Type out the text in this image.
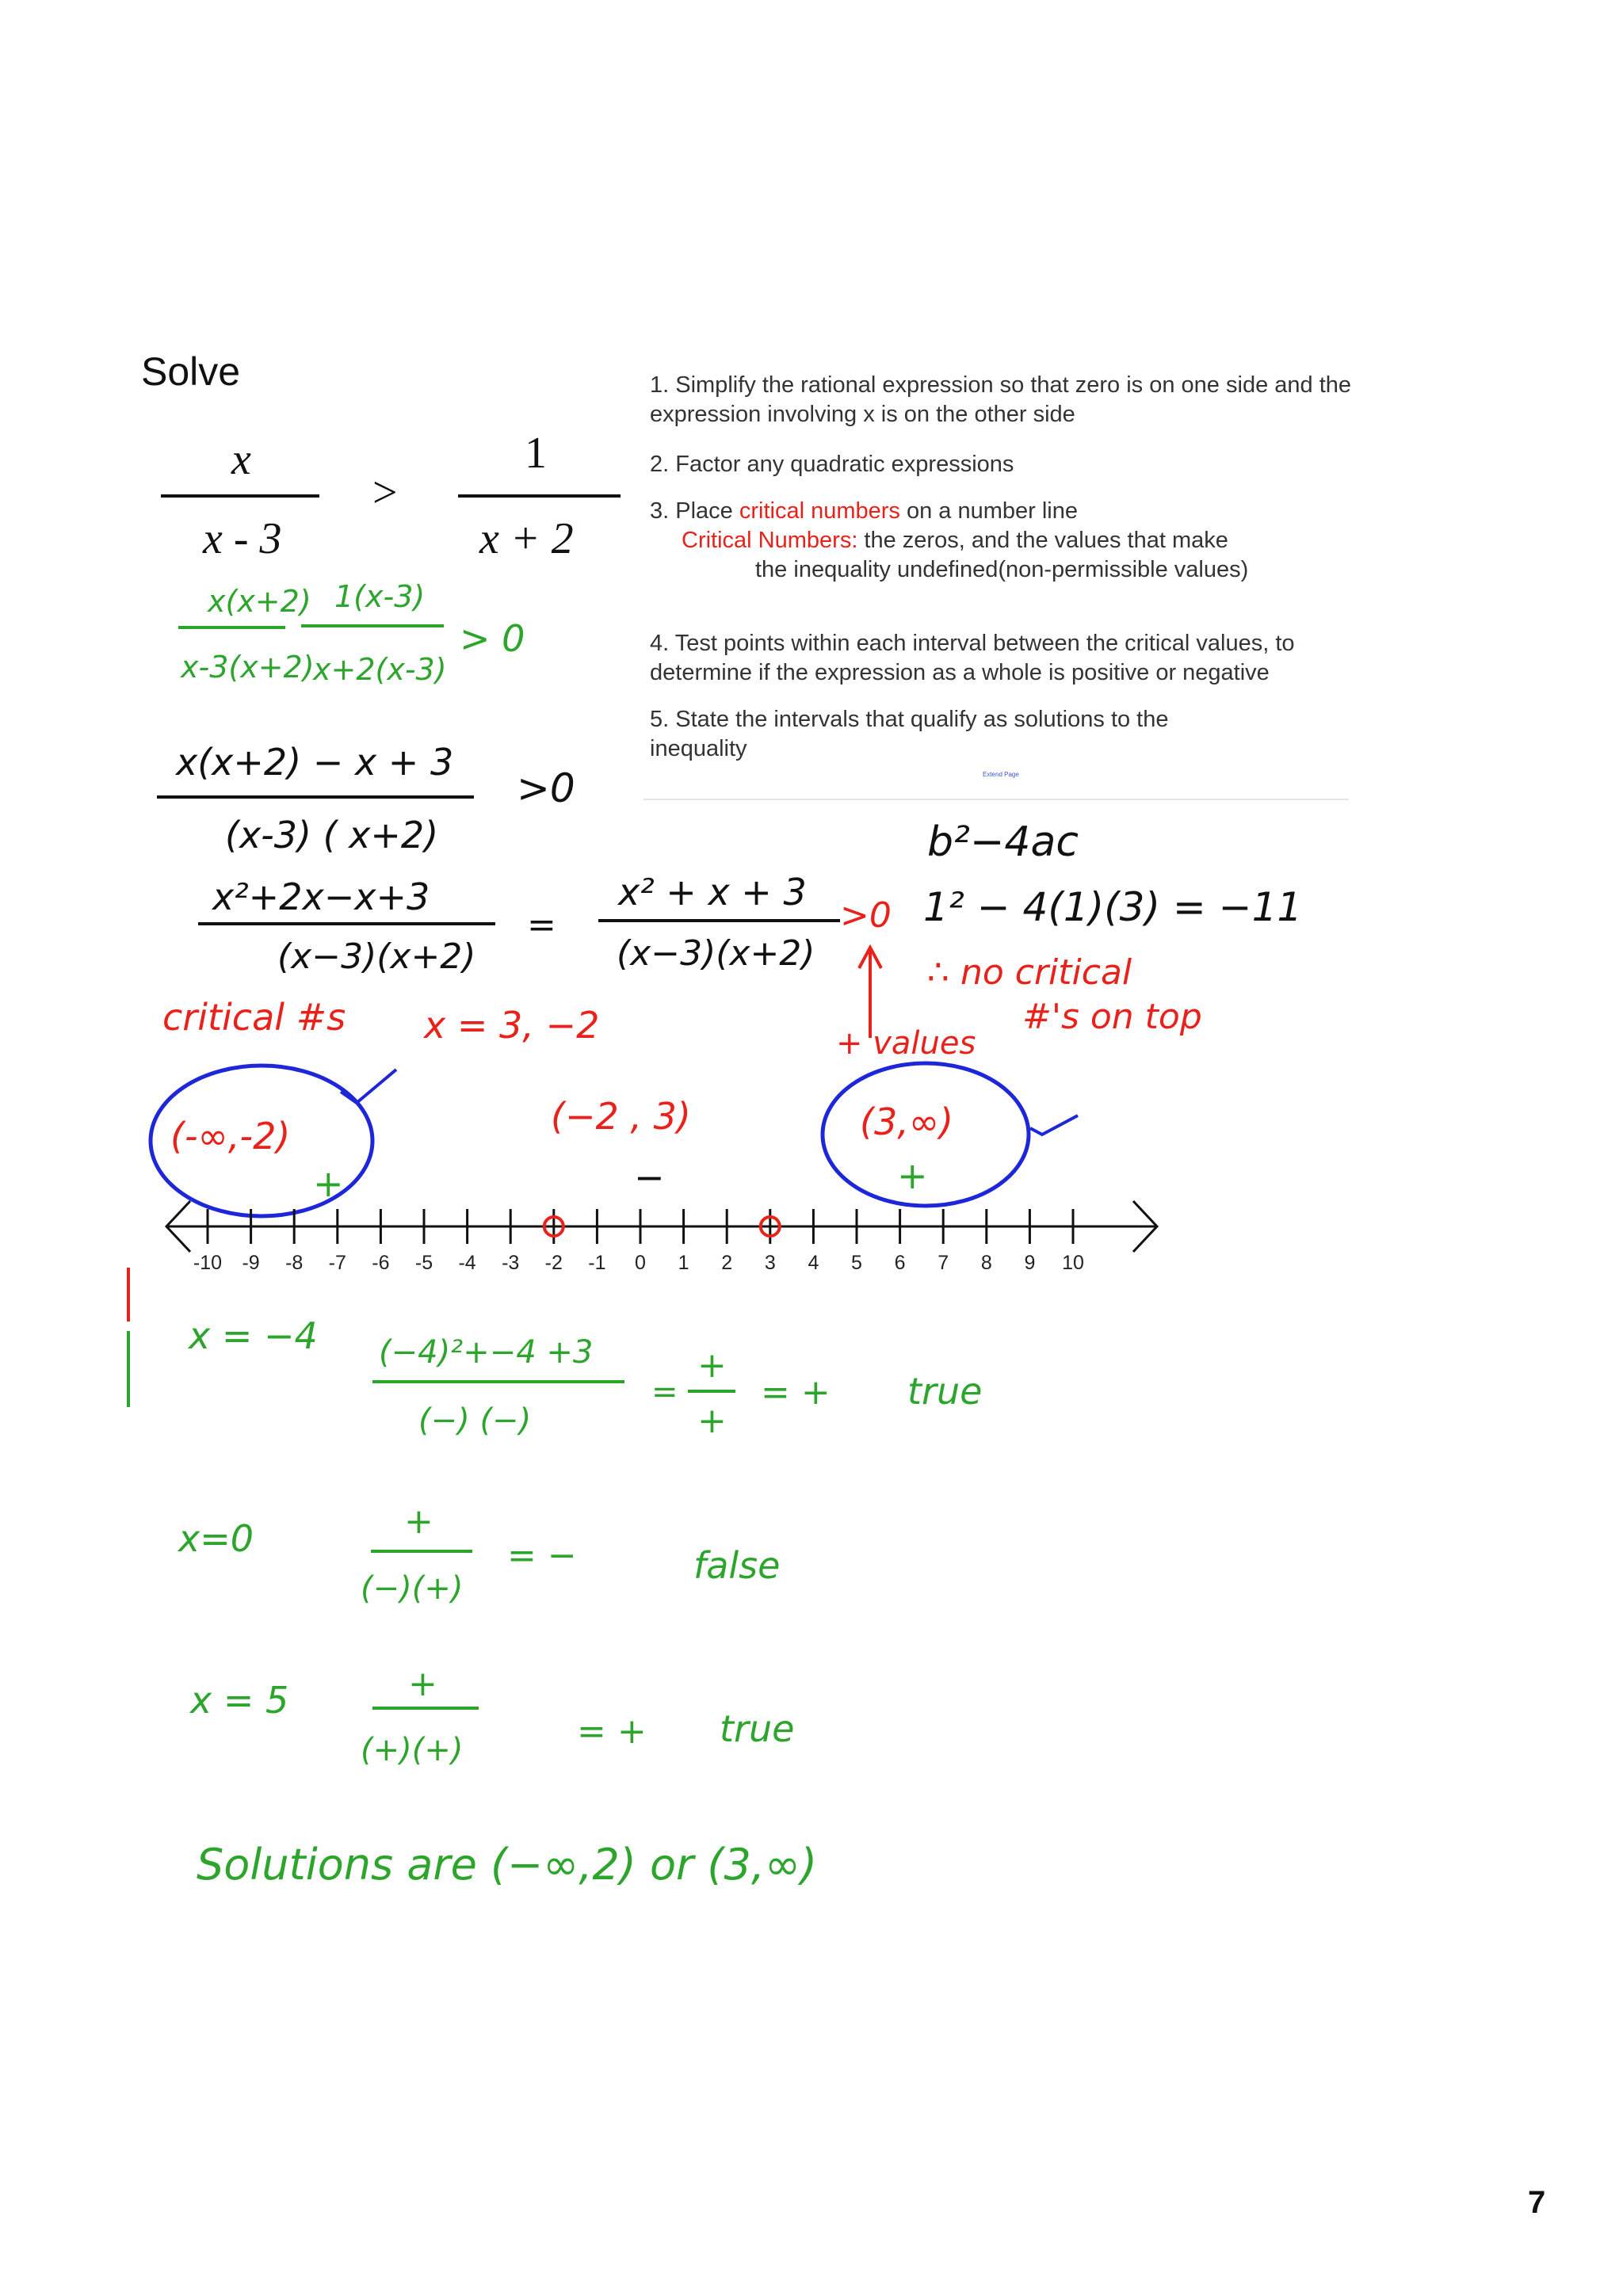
Solve
x
x - 3
>
1
x + 2

1. Simplify the rational expression so that zero is on one side and the expression involving x is on the other side

2. Factor any quadratic expressions

3. Place critical numbers on a number line

Critical Numbers: the zeros, and the values that make

the inequality undefined(non-permissible values)

4. Test points within each interval between the critical values, to determine if the expression as a whole is positive or negative

5. State the intervals that qualify as solutions to the inequality

Extend Page
x(x+2) 1(x-3)
x-3(x+2)
x+2(x-3)
> 0
x(x+2) − x + 3
(x-3) ( x+2)
>0
x²+2x−x+3
(x−3)(x+2)
=
x² + x + 3
(x−3)(x+2)
>0
b²−4ac
1² − 4(1)(3) = −11
∴ no critical
#'s on top
+ values
critical #s x = 3, −2
(-∞,-2)
+
(−2 , 3)
−
(3,∞)
+
-10 -9 -8 -7 -6 -5 -4 -3 -2 -1 0 1 2 3 4 5 6 7 8 9 10
x = −4 (−4)²+−4 +3
(−) (−)
=
+
+
= + true
x=0	+
(−)(+)
= −	false
x = 5	+
(+)(+)	= + true
Solutions are (−∞,2) or (3,∞)
7
